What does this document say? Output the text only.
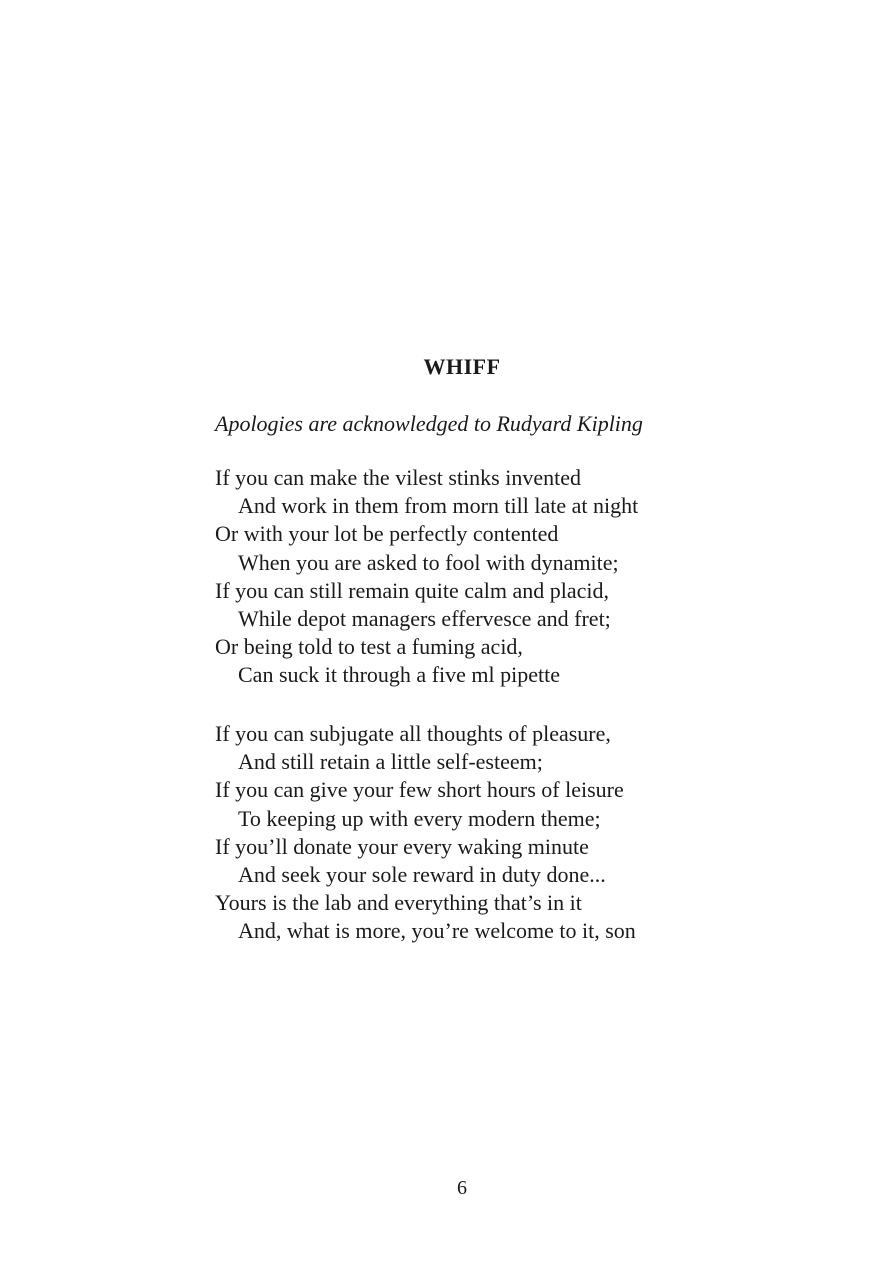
WHIFF

Apologies are acknowledged to Rudyard Kipling

If you can make the vilest stinks invented
And work in them from morn till late at night
Or with your lot be perfectly contented
When you are asked to fool with dynamite;
If you can still remain quite calm and placid,
While depot managers effervesce and fret;
Or being told to test a fuming acid,
Can suck it through a five ml pipette
If you can subjugate all thoughts of pleasure,
And still retain a little self-esteem;
If you can give your few short hours of leisure
To keeping up with every modern theme;
If you’ll donate your every waking minute
And seek your sole reward in duty done...
Yours is the lab and everything that’s in it
And, what is more, you’re welcome to it, son
6
